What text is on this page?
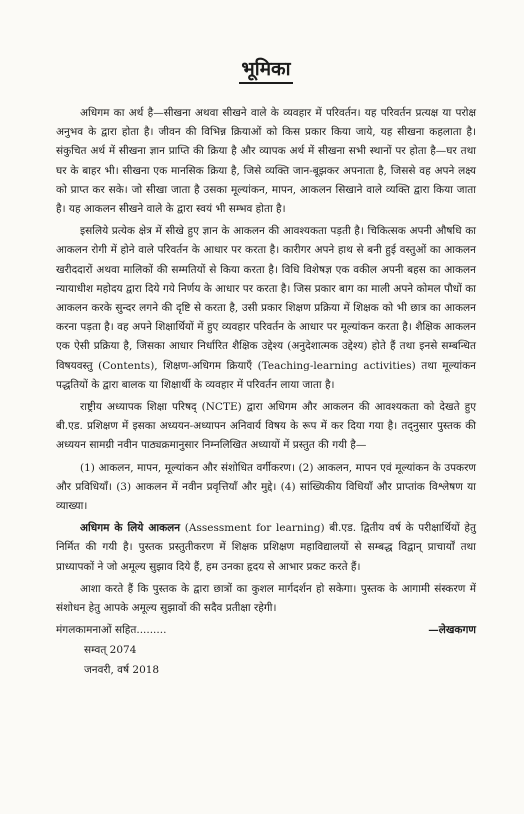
भूमिका

अधिगम का अर्थ है—सीखना अथवा सीखने वाले के व्यवहार में परिवर्तन। यह परिवर्तन प्रत्यक्ष या परोक्ष अनुभव के द्वारा होता है। जीवन की विभिन्न क्रियाओं को किस प्रकार किया जाये, यह सीखना कहलाता है। संकुचित अर्थ में सीखना ज्ञान प्राप्ति की क्रिया है और व्यापक अर्थ में सीखना सभी स्थानों पर होता है—घर तथा घर के बाहर भी। सीखना एक मानसिक क्रिया है, जिसे व्यक्ति जान-बूझकर अपनाता है, जिससे वह अपने लक्ष्य को प्राप्त कर सके। जो सीखा जाता है उसका मूल्यांकन, मापन, आकलन सिखाने वाले व्यक्ति द्वारा किया जाता है। यह आकलन सीखने वाले के द्वारा स्वयं भी सम्भव होता है।

इसलिये प्रत्येक क्षेत्र में सीखे हुए ज्ञान के आकलन की आवश्यकता पड़ती है। चिकित्सक अपनी औषधि का आकलन रोगी में होने वाले परिवर्तन के आधार पर करता है। कारीगर अपने हाथ से बनी हुई वस्तुओं का आकलन खरीददारों अथवा मालिकों की सम्मतियों से किया करता है। विधि विशेषज्ञ एक वकील अपनी बहस का आकलन न्यायाधीश महोदय द्वारा दिये गये निर्णय के आधार पर करता है। जिस प्रकार बाग का माली अपने कोमल पौधों का आकलन करके सुन्दर लगने की दृष्टि से करता है, उसी प्रकार शिक्षण प्रक्रिया में शिक्षक को भी छात्र का आकलन करना पड़ता है। वह अपने शिक्षार्थियों में हुए व्यवहार परिवर्तन के आधार पर मूल्यांकन करता है। शैक्षिक आकलन एक ऐसी प्रक्रिया है, जिसका आधार निर्धारित शैक्षिक उद्देश्य (अनुदेशात्मक उद्देश्य) होते हैं तथा इनसे सम्बन्धित विषयवस्तु (Contents), शिक्षण-अधिगम क्रियाएँ (Teaching-learning activities) तथा मूल्यांकन पद्धतियों के द्वारा बालक या शिक्षार्थी के व्यवहार में परिवर्तन लाया जाता है।

राष्ट्रीय अध्यापक शिक्षा परिषद् (NCTE) द्वारा अधिगम और आकलन की आवश्यकता को देखते हुए बी.एड. प्रशिक्षण में इसका अध्ययन-अध्यापन अनिवार्य विषय के रूप में कर दिया गया है। तद्नुसार पुस्तक की अध्ययन सामग्री नवीन पाठ्यक्रमानुसार निम्नलिखित अध्यायों में प्रस्तुत की गयी है—

(1) आकलन, मापन, मूल्यांकन और संशोधित वर्गीकरण। (2) आकलन, मापन एवं मूल्यांकन के उपकरण और प्रविधियाँ। (3) आकलन में नवीन प्रवृत्तियाँ और मुद्दे। (4) सांख्यिकीय विधियाँ और प्राप्तांक विश्लेषण या व्याख्या।

अधिगम के लिये आकलन (Assessment for learning) बी.एड. द्वितीय वर्ष के परीक्षार्थियों हेतु निर्मित की गयी है। पुस्तक प्रस्तुतीकरण में शिक्षक प्रशिक्षण महाविद्यालयों से सम्बद्ध विद्वान् प्राचार्यों तथा प्राध्यापकों ने जो अमूल्य सुझाव दिये हैं, हम उनका हृदय से आभार प्रकट करते हैं।

आशा करते हैं कि पुस्तक के द्वारा छात्रों का कुशल मार्गदर्शन हो सकेगा। पुस्तक के आगामी संस्करण में संशोधन हेतु आपके अमूल्य सुझावों की सदैव प्रतीक्षा रहेगी।

मंगलकामनाओं सहित.........	—लेखकगण
सम्वत् 2074
जनवरी, वर्ष 2018
